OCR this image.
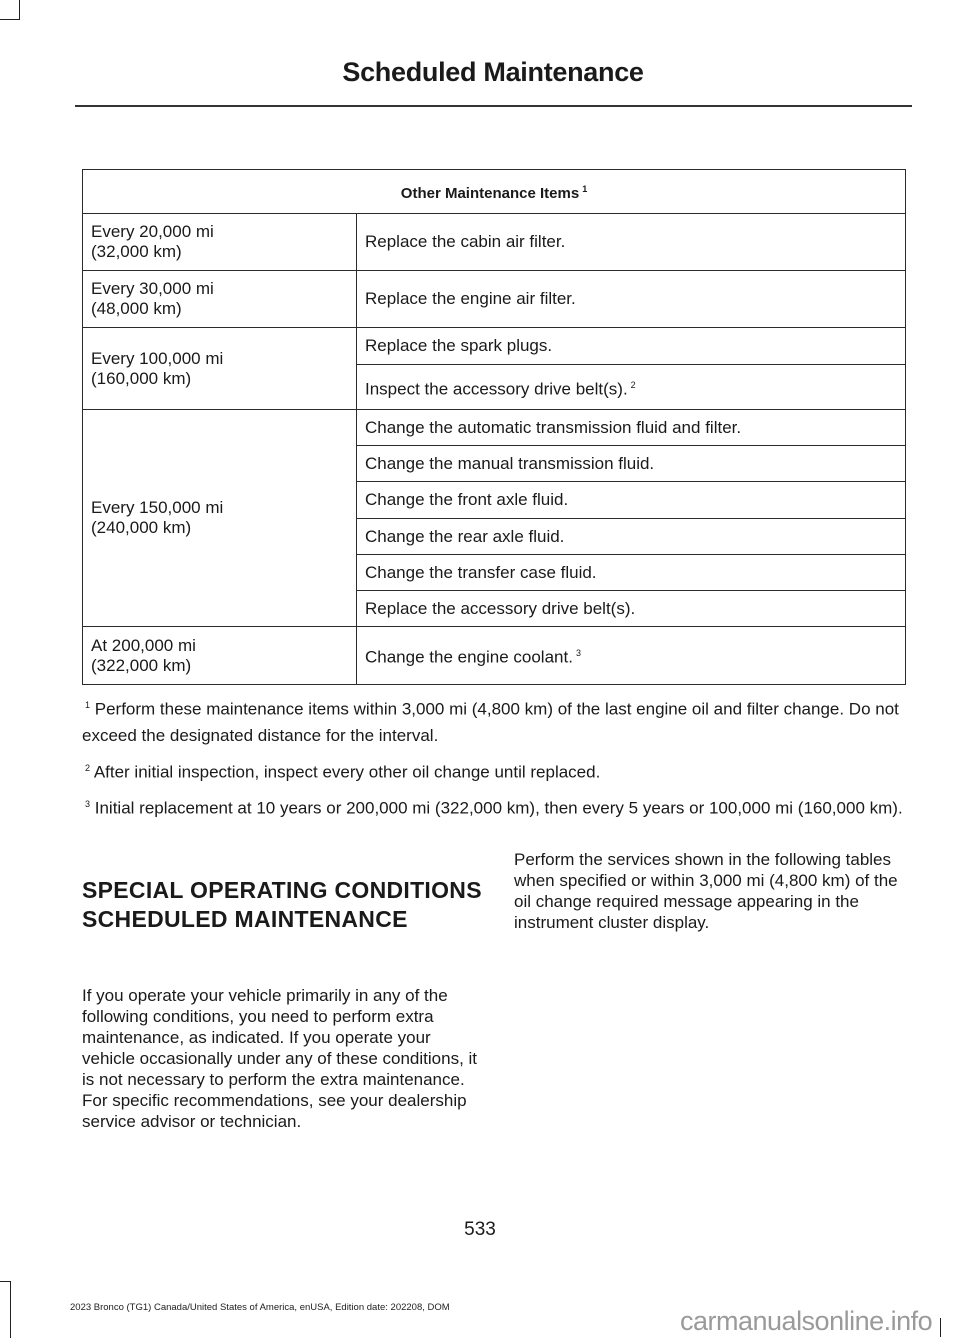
Scheduled Maintenance
Other Maintenance Items $^1$
Every 20,000 mi
(32,000 km)	Replace the cabin air filter.
Every 30,000 mi
(48,000 km)	Replace the engine air filter.
Every 100,000 mi
(160,000 km)	Replace the spark plugs.
	Inspect the accessory drive belt(s). $^2$
Every 150,000 mi
(240,000 km)	Change the automatic transmission fluid and filter.
	Change the manual transmission fluid.
	Change the front axle fluid.
	Change the rear axle fluid.
	Change the transfer case fluid.
	Replace the accessory drive belt(s).
At 200,000 mi
(322,000 km)	Change the engine coolant. $^3$

$^1$ Perform these maintenance items within 3,000 mi (4,800 km) of the last engine oil and filter change. Do not exceed the designated distance for the interval.

$^2$ After initial inspection, inspect every other oil change until replaced.

$^3$ Initial replacement at 10 years or 200,000 mi (322,000 km), then every 5 years or 100,000 mi (160,000 km).

SPECIAL OPERATING CONDITIONS SCHEDULED MAINTENANCE
If you operate your vehicle primarily in any of the following conditions, you need to perform extra maintenance, as indicated. If you operate your vehicle occasionally under any of these conditions, it is not necessary to perform the extra maintenance. For specific recommendations, see your dealership service advisor or technician.
Perform the services shown in the following tables when specified or within 3,000 mi (4,800 km) of the oil change required message appearing in the instrument cluster display.
533
2023 Bronco (TG1) Canada/United States of America, enUSA, Edition date: 202208, DOM	carmanualsonline.info
